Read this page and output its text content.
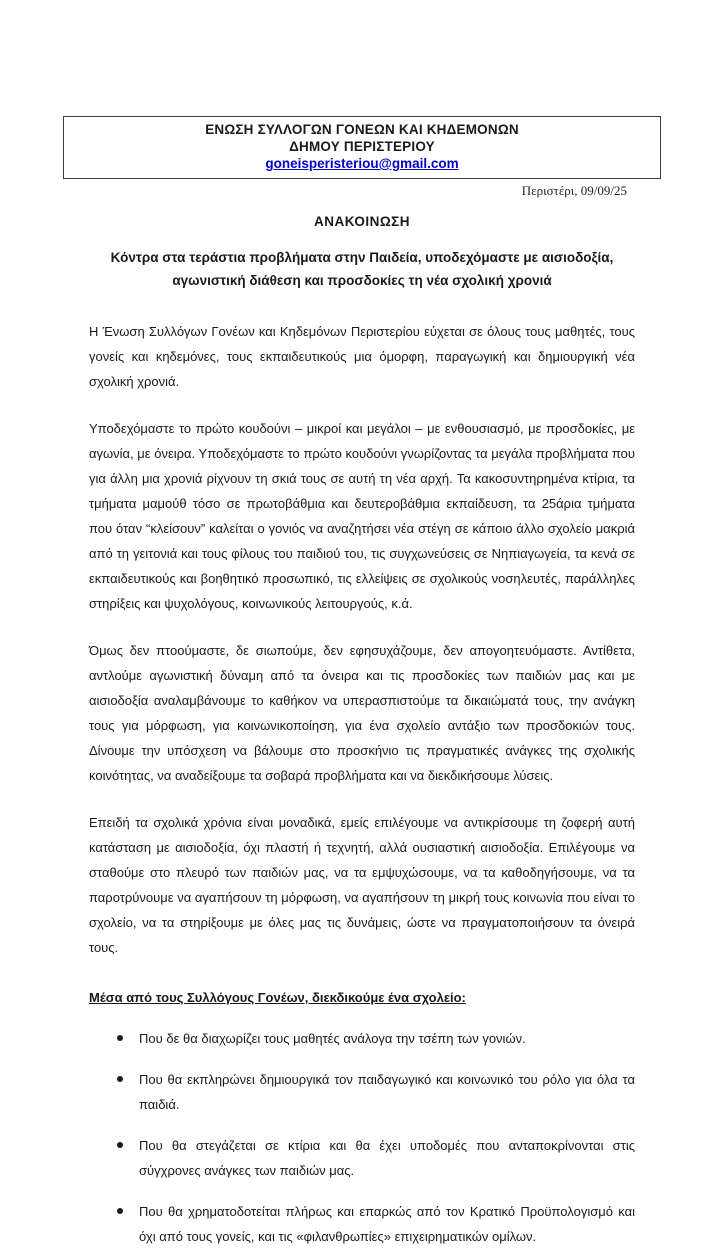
ΕΝΩΣΗ ΣΥΛΛΟΓΩΝ ΓΟΝΕΩΝ ΚΑΙ ΚΗΔΕΜΟΝΩΝ
ΔΗΜΟΥ ΠΕΡΙΣΤΕΡΙΟΥ
goneisperisteriou@gmail.com
Περιστέρι, 09/09/25
ΑΝΑΚΟΙΝΩΣΗ
Κόντρα στα τεράστια προβλήματα στην Παιδεία, υποδεχόμαστε με αισιοδοξία, αγωνιστική διάθεση και προσδοκίες τη νέα σχολική χρονιά

Η Ένωση Συλλόγων Γονέων και Κηδεμόνων Περιστερίου εύχεται σε όλους τους μαθητές, τους γονείς και κηδεμόνες, τους εκπαιδευτικούς μια όμορφη, παραγωγική και δημιουργική νέα σχολική χρονιά.

Υποδεχόμαστε το πρώτο κουδούνι – μικροί και μεγάλοι – με ενθουσιασμό, με προσδοκίες, με αγωνία, με όνειρα. Υποδεχόμαστε το πρώτο κουδούνι γνωρίζοντας τα μεγάλα προβλήματα που για άλλη μια χρονιά ρίχνουν τη σκιά τους σε αυτή τη νέα αρχή. Τα κακοσυντηρημένα κτίρια, τα τμήματα μαμούθ τόσο σε πρωτοβάθμια και δευτεροβάθμια εκπαίδευση, τα 25άρια τμήματα που όταν “κλείσουν” καλείται ο γονιός να αναζητήσει νέα στέγη σε κάποιο άλλο σχολείο μακριά από τη γειτονιά και τους φίλους του παιδιού του, τις συγχωνεύσεις σε Νηπιαγωγεία, τα κενά σε εκπαιδευτικούς και βοηθητικό προσωπικό, τις ελλείψεις σε σχολικούς νοσηλευτές, παράλληλες στηρίξεις και ψυχολόγους, κοινωνικούς λειτουργούς, κ.ά.

Όμως δεν πτοούμαστε, δε σιωπούμε, δεν εφησυχάζουμε, δεν απογοητευόμαστε. Αντίθετα, αντλούμε αγωνιστική δύναμη από τα όνειρα και τις προσδοκίες των παιδιών μας και με αισιοδοξία αναλαμβάνουμε το καθήκον να υπερασπιστούμε τα δικαιώματά τους, την ανάγκη τους για μόρφωση, για κοινωνικοποίηση, για ένα σχολείο αντάξιο των προσδοκιών τους. Δίνουμε την υπόσχεση να βάλουμε στο προσκήνιο τις πραγματικές ανάγκες της σχολικής κοινότητας, να αναδείξουμε τα σοβαρά προβλήματα και να διεκδικήσουμε λύσεις.

Επειδή τα σχολικά χρόνια είναι μοναδικά, εμείς επιλέγουμε να αντικρίσουμε τη ζοφερή αυτή κατάσταση με αισιοδοξία, όχι πλαστή ή τεχνητή, αλλά ουσιαστική αισιοδοξία. Επιλέγουμε να σταθούμε στο πλευρό των παιδιών μας, να τα εμψυχώσουμε, να τα καθοδηγήσουμε, να τα παροτρύνουμε να αγαπήσουν τη μόρφωση, να αγαπήσουν τη μικρή τους κοινωνία που είναι το σχολείο, να τα στηρίξουμε με όλες μας τις δυνάμεις, ώστε να πραγματοποιήσουν τα όνειρά τους.

Μέσα από τους Συλλόγους Γονέων, διεκδικούμε ένα σχολείο:
Που δε θα διαχωρίζει τους μαθητές ανάλογα την τσέπη των γονιών.
Που θα εκπληρώνει δημιουργικά τον παιδαγωγικό και κοινωνικό του ρόλο για όλα τα παιδιά.
Που θα στεγάζεται σε κτίρια και θα έχει υποδομές που ανταποκρίνονται στις σύγχρονες ανάγκες των παιδιών μας.
Που θα χρηματοδοτείται πλήρως και επαρκώς από τον Κρατικό Προϋπολογισμό και όχι από τους γονείς, και τις «φιλανθρωπίες» επιχειρηματικών ομίλων.
